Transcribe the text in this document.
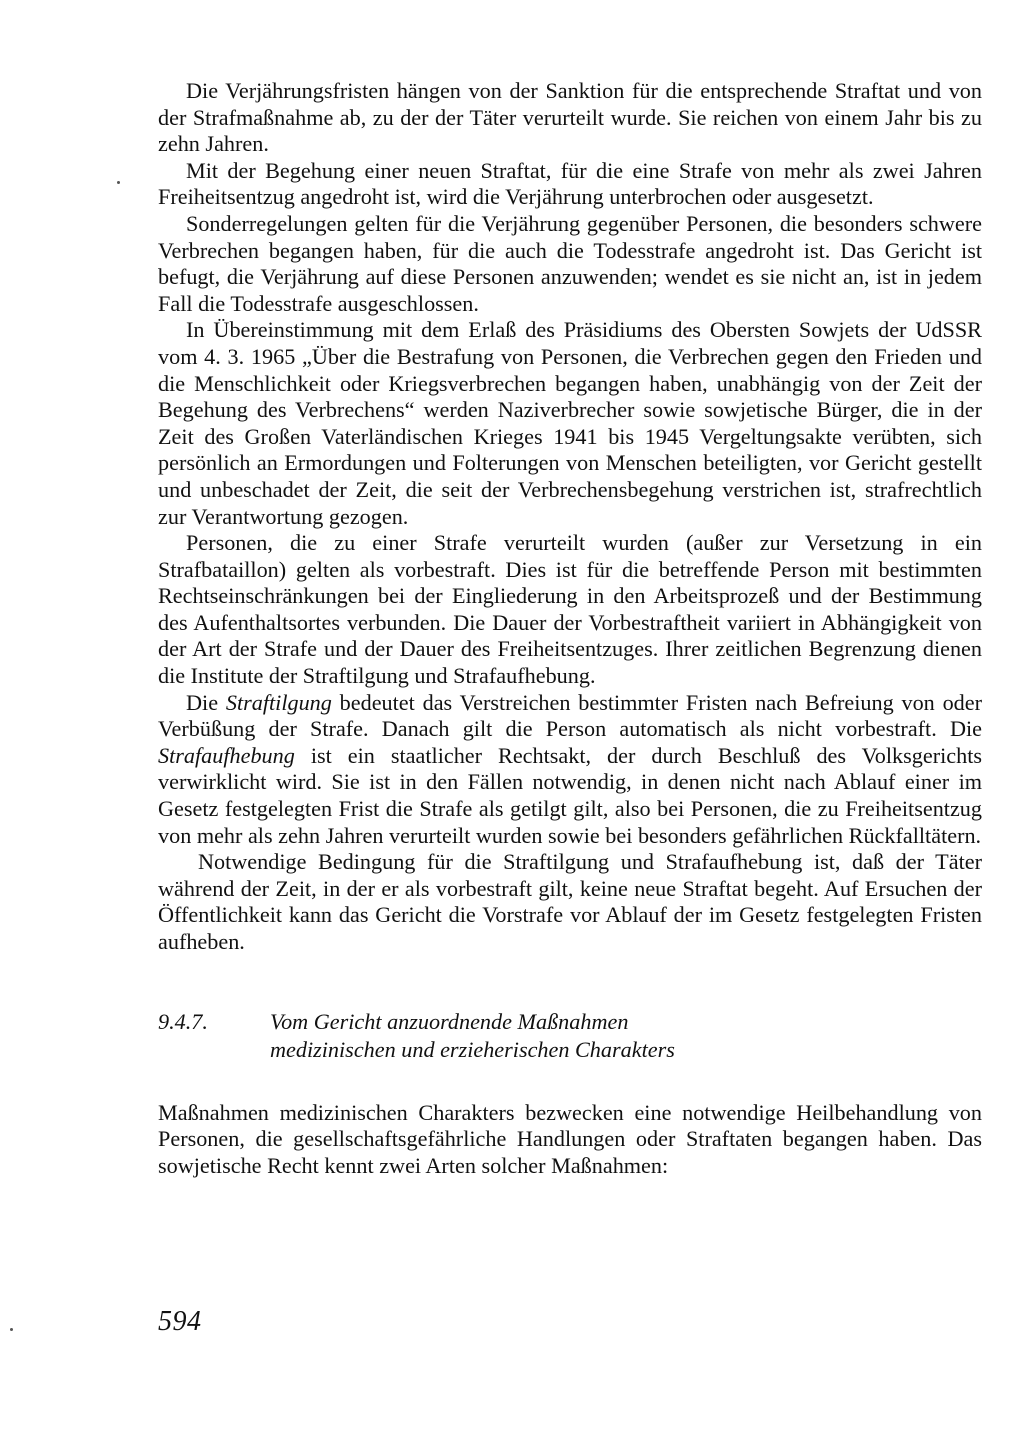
Die Verjährungsfristen hängen von der Sanktion für die entsprechende Straftat und von der Strafmaßnahme ab, zu der der Täter verurteilt wurde. Sie reichen von einem Jahr bis zu zehn Jahren.

Mit der Begehung einer neuen Straftat, für die eine Strafe von mehr als zwei Jahren Freiheitsentzug angedroht ist, wird die Verjährung unterbrochen oder ausgesetzt.

Sonderregelungen gelten für die Verjährung gegenüber Personen, die besonders schwere Verbrechen begangen haben, für die auch die Todesstrafe angedroht ist. Das Gericht ist befugt, die Verjährung auf diese Personen anzuwenden; wendet es sie nicht an, ist in jedem Fall die Todesstrafe ausgeschlossen.

In Übereinstimmung mit dem Erlaß des Präsidiums des Obersten Sowjets der UdSSR vom 4. 3. 1965 „Über die Bestrafung von Personen, die Verbrechen gegen den Frieden und die Menschlichkeit oder Kriegsverbrechen begangen haben, unabhängig von der Zeit der Begehung des Verbrechens“ werden Naziverbrecher sowie sowjetische Bürger, die in der Zeit des Großen Vaterländischen Krieges 1941 bis 1945 Vergeltungsakte verübten, sich persönlich an Ermordungen und Folterungen von Menschen beteiligten, vor Gericht gestellt und unbeschadet der Zeit, die seit der Verbrechensbegehung verstrichen ist, strafrechtlich zur Verantwortung gezogen.

Personen, die zu einer Strafe verurteilt wurden (außer zur Versetzung in ein Strafbataillon) gelten als vorbestraft. Dies ist für die betreffende Person mit bestimmten Rechtseinschränkungen bei der Eingliederung in den Arbeitsprozeß und der Bestimmung des Aufenthaltsortes verbunden. Die Dauer der Vorbestraftheit variiert in Abhängigkeit von der Art der Strafe und der Dauer des Freiheitsentzuges. Ihrer zeitlichen Begrenzung dienen die Institute der Straftilgung und Strafaufhebung.

Die Straftilgung bedeutet das Verstreichen bestimmter Fristen nach Befreiung von oder Verbüßung der Strafe. Danach gilt die Person automatisch als nicht vorbestraft. Die Strafaufhebung ist ein staatlicher Rechtsakt, der durch Beschluß des Volksgerichts verwirklicht wird. Sie ist in den Fällen notwendig, in denen nicht nach Ablauf einer im Gesetz festgelegten Frist die Strafe als getilgt gilt, also bei Personen, die zu Freiheitsentzug von mehr als zehn Jahren verurteilt wurden sowie bei besonders gefährlichen Rückfalltätern.

Notwendige Bedingung für die Straftilgung und Strafaufhebung ist, daß der Täter während der Zeit, in der er als vorbestraft gilt, keine neue Straftat begeht. Auf Ersuchen der Öffentlichkeit kann das Gericht die Vorstrafe vor Ablauf der im Gesetz festgelegten Fristen aufheben.

9.4.7.	Vom Gericht anzuordnende Maßnahmen
medizinischen und erzieherischen Charakters

Maßnahmen medizinischen Charakters bezwecken eine notwendige Heilbehandlung von Personen, die gesellschaftsgefährliche Handlungen oder Straftaten begangen haben. Das sowjetische Recht kennt zwei Arten solcher Maßnahmen:

594
